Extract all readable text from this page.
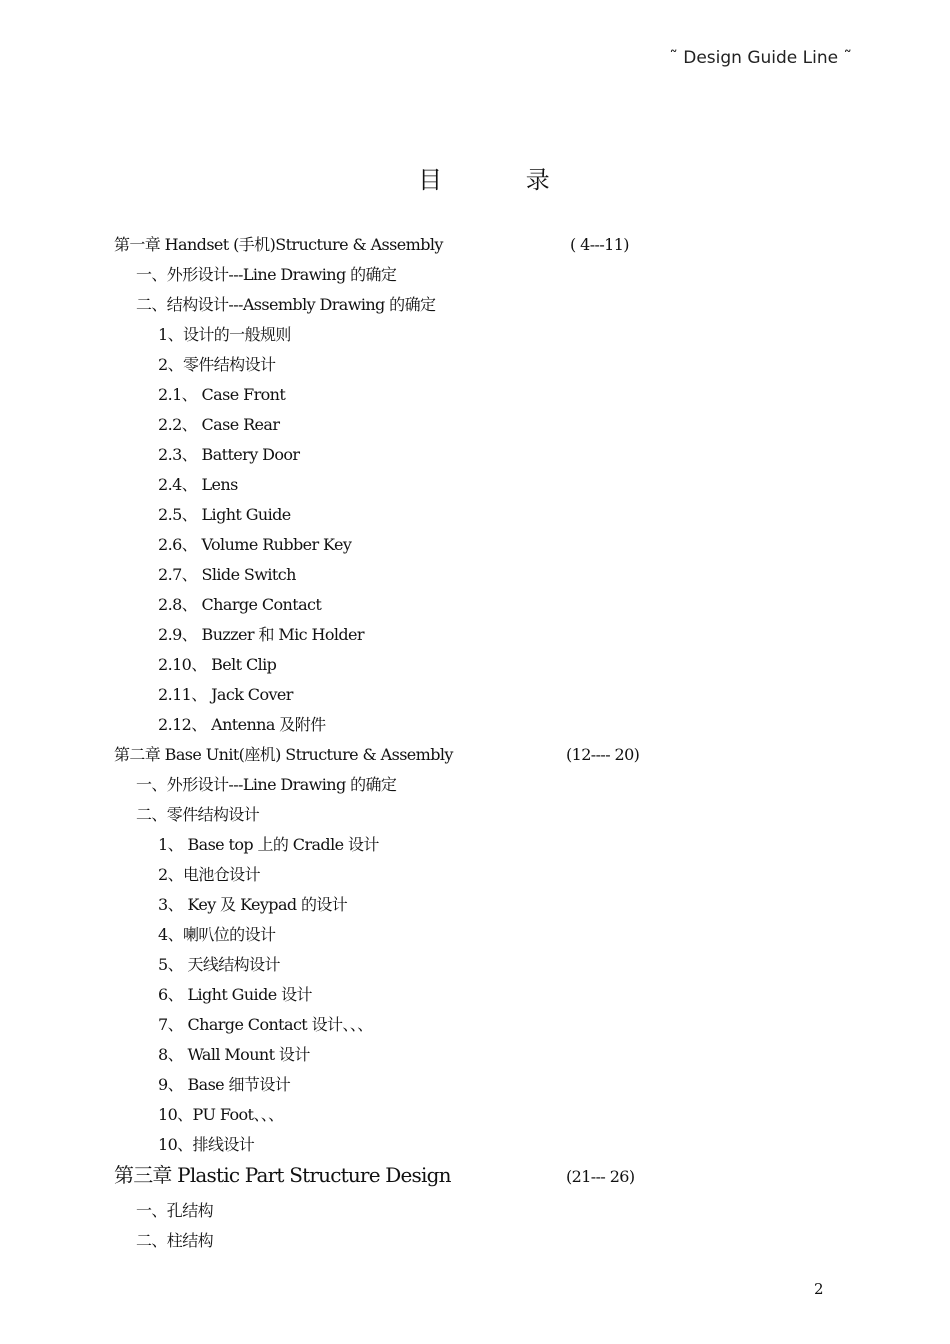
˜ Design Guide Line ˜
目 录
第一章 Handset (手机)Structure & Assembly	( 4---11)
一、外形设计---Line Drawing 的确定
二、结构设计---Assembly Drawing 的确定
1、设计的一般规则
2、零件结构设计
2.1、 Case Front
2.2、 Case Rear
2.3、 Battery Door
2.4、 Lens
2.5、 Light Guide
2.6、 Volume Rubber Key
2.7、 Slide Switch
2.8、 Charge Contact
2.9、 Buzzer 和 Mic Holder
2.10、 Belt Clip
2.11、 Jack Cover
2.12、 Antenna 及附件
第二章 Base Unit(座机) Structure & Assembly	(12---- 20)
一、外形设计---Line Drawing 的确定
二、零件结构设计
1、 Base top 上的 Cradle 设计
2、电池仓设计
3、 Key 及 Keypad 的设计
4、喇叭位的设计
5、 天线结构设计
6、 Light Guide 设计
7、 Charge Contact 设计、、、
8、 Wall Mount 设计
9、 Base 细节设计
10、PU Foot、、、
10、排线设计
第三章 Plastic Part Structure Design	(21--- 26)
一、孔结构
二、柱结构
2
